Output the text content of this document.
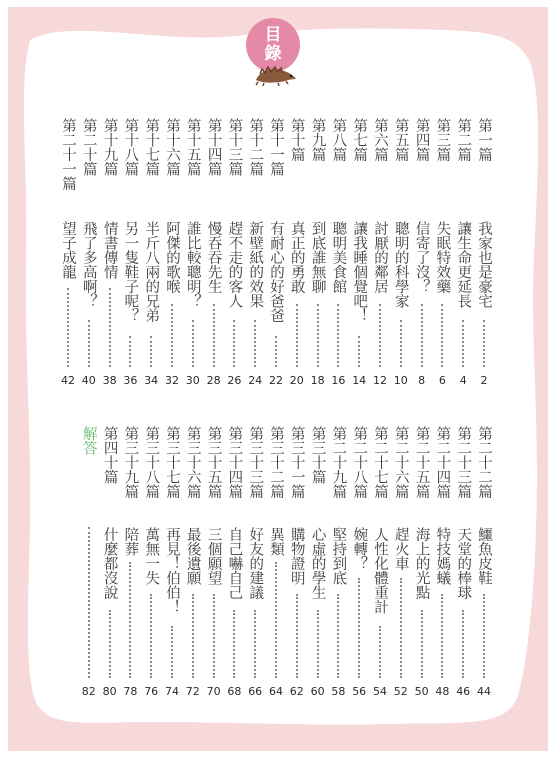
目
錄
第一篇
我家也是豪宅
2
第二篇
讓生命更延長
4
第三篇
失眠特效藥
6
第四篇
信寄了沒？
8
第五篇
聰明的科學家
10
第六篇
討厭的鄰居
12
第七篇
讓我睡個覺吧！
14
第八篇
聰明美食館
16
第九篇
到底誰無聊
18
第十篇
真正的勇敢
20
第十一篇
有耐心的好爸爸
22
第十二篇
新壁紙的效果
24
第十三篇
趕不走的客人
26
第十四篇
慢吞吞先生
28
第十五篇
誰比較聰明？
30
第十六篇
阿傑的歌喉
32
第十七篇
半斤八兩的兄弟
34
第十八篇
另一隻鞋子呢？
36
第十九篇
情書傳情
38
第二十篇
飛了多高啊？
40
第二十一篇
望子成龍
42
第二十二篇
鱷魚皮鞋
44
第二十三篇
天堂的棒球
46
第二十四篇
特技媽蟻
48
第二十五篇
海上的光點
50
第二十六篇
趕火車
52
第二十七篇
人性化體重計
54
第二十八篇
婉轉？
56
第二十九篇
堅持到底
58
第三十篇
心虛的學生
60
第三十一篇
購物證明
62
第三十二篇
異類
64
第三十三篇
好友的建議
66
第三十四篇
自己嚇自己
68
第三十五篇
三個願望
70
第三十六篇
最後遺願
72
第三十七篇
再見！伯伯！
74
第三十八篇
萬無一失
76
第三十九篇
陪葬
78
第四十篇
什麼都沒說
80
解答
82
